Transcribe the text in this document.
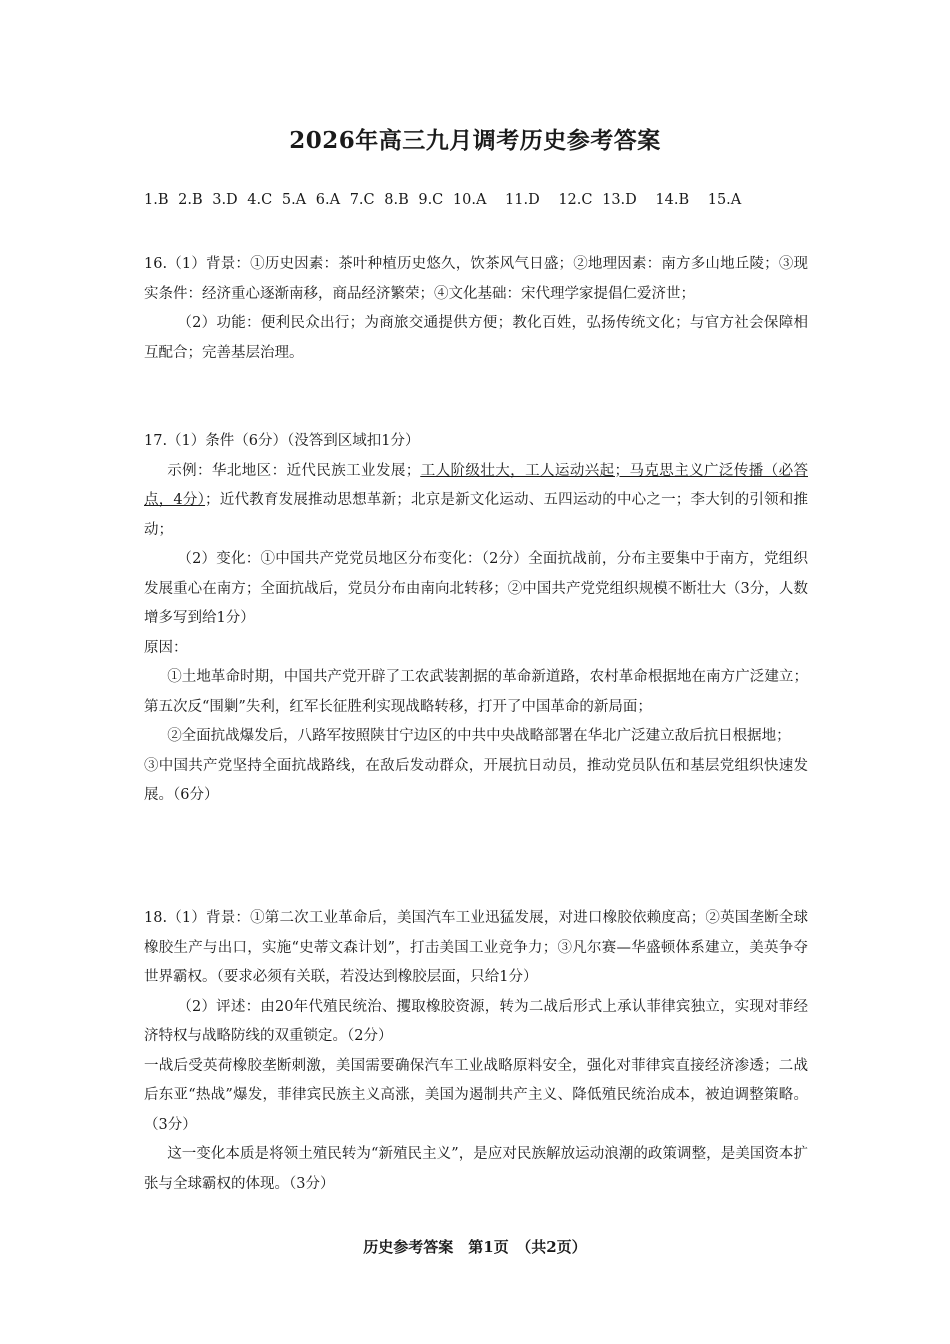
2026年高三九月调考历史参考答案
1.B 2.B 3.D 4.C 5.A 6.A 7.C 8.B 9.C 10.A 11.D 12.C 13.D 14.B 15.A

16.（1）背景：①历史因素：茶叶种植历史悠久，饮茶风气日盛；②地理因素：南方多山地丘陵；③现实条件：经济重心逐渐南移，商品经济繁荣；④文化基础：宋代理学家提倡仁爱济世；

（2）功能：便利民众出行；为商旅交通提供方便；教化百姓，弘扬传统文化；与官方社会保障相互配合；完善基层治理。

17.（1）条件（6分）（没答到区域扣1分）

示例：华北地区：近代民族工业发展；工人阶级壮大，工人运动兴起；马克思主义广泛传播（必答点，4分）；近代教育发展推动思想革新；北京是新文化运动、五四运动的中心之一；李大钊的引领和推动；

（2）变化：①中国共产党党员地区分布变化：（2分）全面抗战前，分布主要集中于南方，党组织发展重心在南方；全面抗战后，党员分布由南向北转移；②中国共产党党组织规模不断壮大（3分，人数增多写到给1分）

原因：

①土地革命时期，中国共产党开辟了工农武装割据的革命新道路，农村革命根据地在南方广泛建立；第五次反“围剿”失利，红军长征胜利实现战略转移，打开了中国革命的新局面；

②全面抗战爆发后，八路军按照陕甘宁边区的中共中央战略部署在华北广泛建立敌后抗日根据地；

③中国共产党坚持全面抗战路线，在敌后发动群众，开展抗日动员，推动党员队伍和基层党组织快速发展。（6分）

18.（1）背景：①第二次工业革命后，美国汽车工业迅猛发展，对进口橡胶依赖度高；②英国垄断全球橡胶生产与出口，实施“史蒂文森计划”，打击美国工业竞争力；③凡尔赛—华盛顿体系建立，美英争夺世界霸权。（要求必须有关联，若没达到橡胶层面，只给1分）

（2）评述：由20年代殖民统治、攫取橡胶资源，转为二战后形式上承认菲律宾独立，实现对菲经济特权与战略防线的双重锁定。（2分）

一战后受英荷橡胶垄断刺激，美国需要确保汽车工业战略原料安全，强化对菲律宾直接经济渗透；二战后东亚“热战”爆发，菲律宾民族主义高涨，美国为遏制共产主义、降低殖民统治成本，被迫调整策略。（3分）

这一变化本质是将领土殖民转为“新殖民主义”，是应对民族解放运动浪潮的政策调整，是美国资本扩张与全球霸权的体现。（3分）

历史参考答案　第1页　（共2页）
